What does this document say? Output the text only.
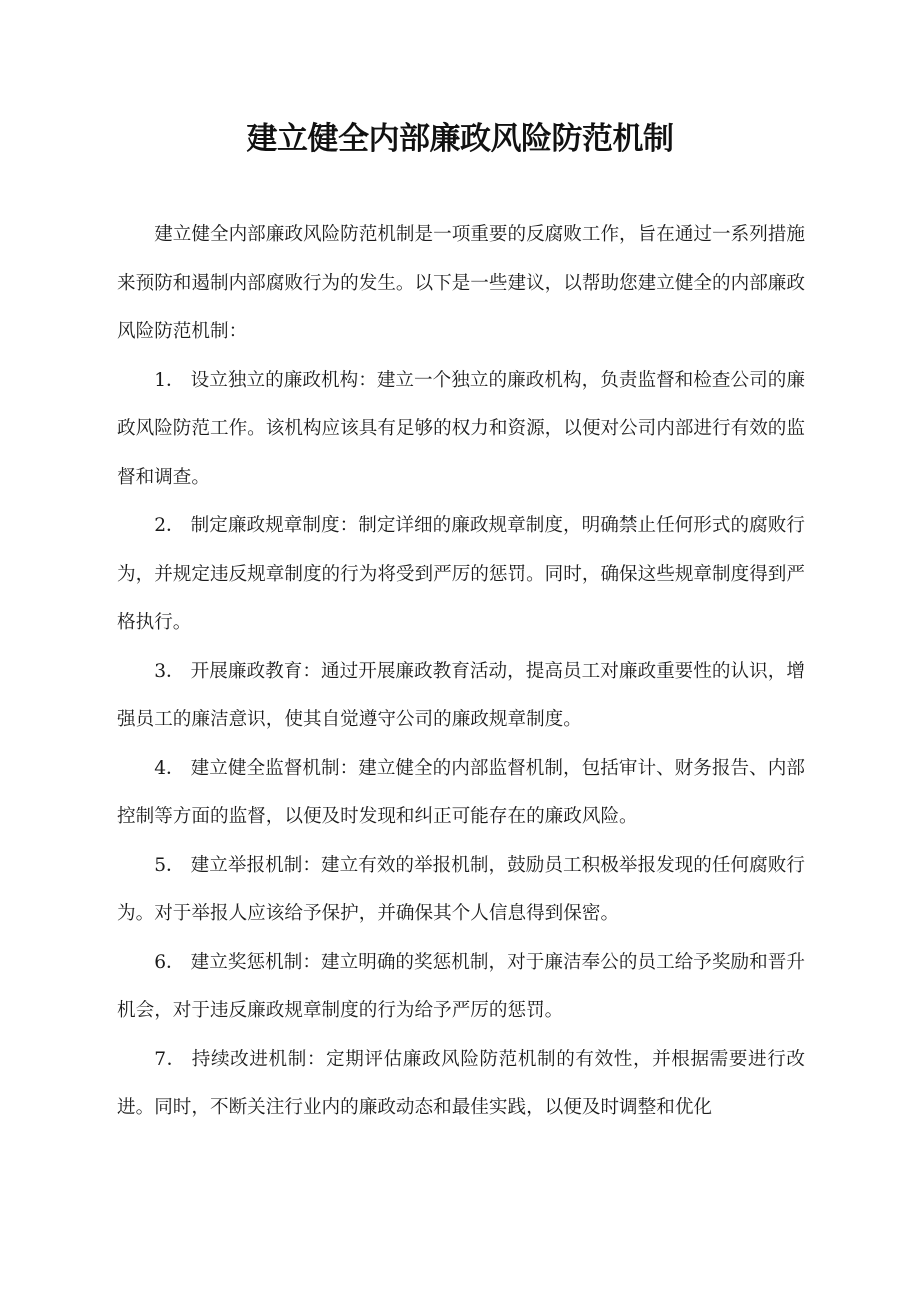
建立健全内部廉政风险防范机制

建立健全内部廉政风险防范机制是一项重要的反腐败工作，旨在通过一系列措施来预防和遏制内部腐败行为的发生。以下是一些建议，以帮助您建立健全的内部廉政风险防范机制：

1． 设立独立的廉政机构：建立一个独立的廉政机构，负责监督和检查公司的廉政风险防范工作。该机构应该具有足够的权力和资源，以便对公司内部进行有效的监督和调查。

2． 制定廉政规章制度：制定详细的廉政规章制度，明确禁止任何形式的腐败行为，并规定违反规章制度的行为将受到严厉的惩罚。同时，确保这些规章制度得到严格执行。

3． 开展廉政教育：通过开展廉政教育活动，提高员工对廉政重要性的认识，增强员工的廉洁意识，使其自觉遵守公司的廉政规章制度。

4． 建立健全监督机制：建立健全的内部监督机制，包括审计、财务报告、内部控制等方面的监督，以便及时发现和纠正可能存在的廉政风险。

5． 建立举报机制：建立有效的举报机制，鼓励员工积极举报发现的任何腐败行为。对于举报人应该给予保护，并确保其个人信息得到保密。

6． 建立奖惩机制：建立明确的奖惩机制，对于廉洁奉公的员工给予奖励和晋升机会，对于违反廉政规章制度的行为给予严厉的惩罚。

7． 持续改进机制：定期评估廉政风险防范机制的有效性，并根据需要进行改进。同时，不断关注行业内的廉政动态和最佳实践，以便及时调整和优化
